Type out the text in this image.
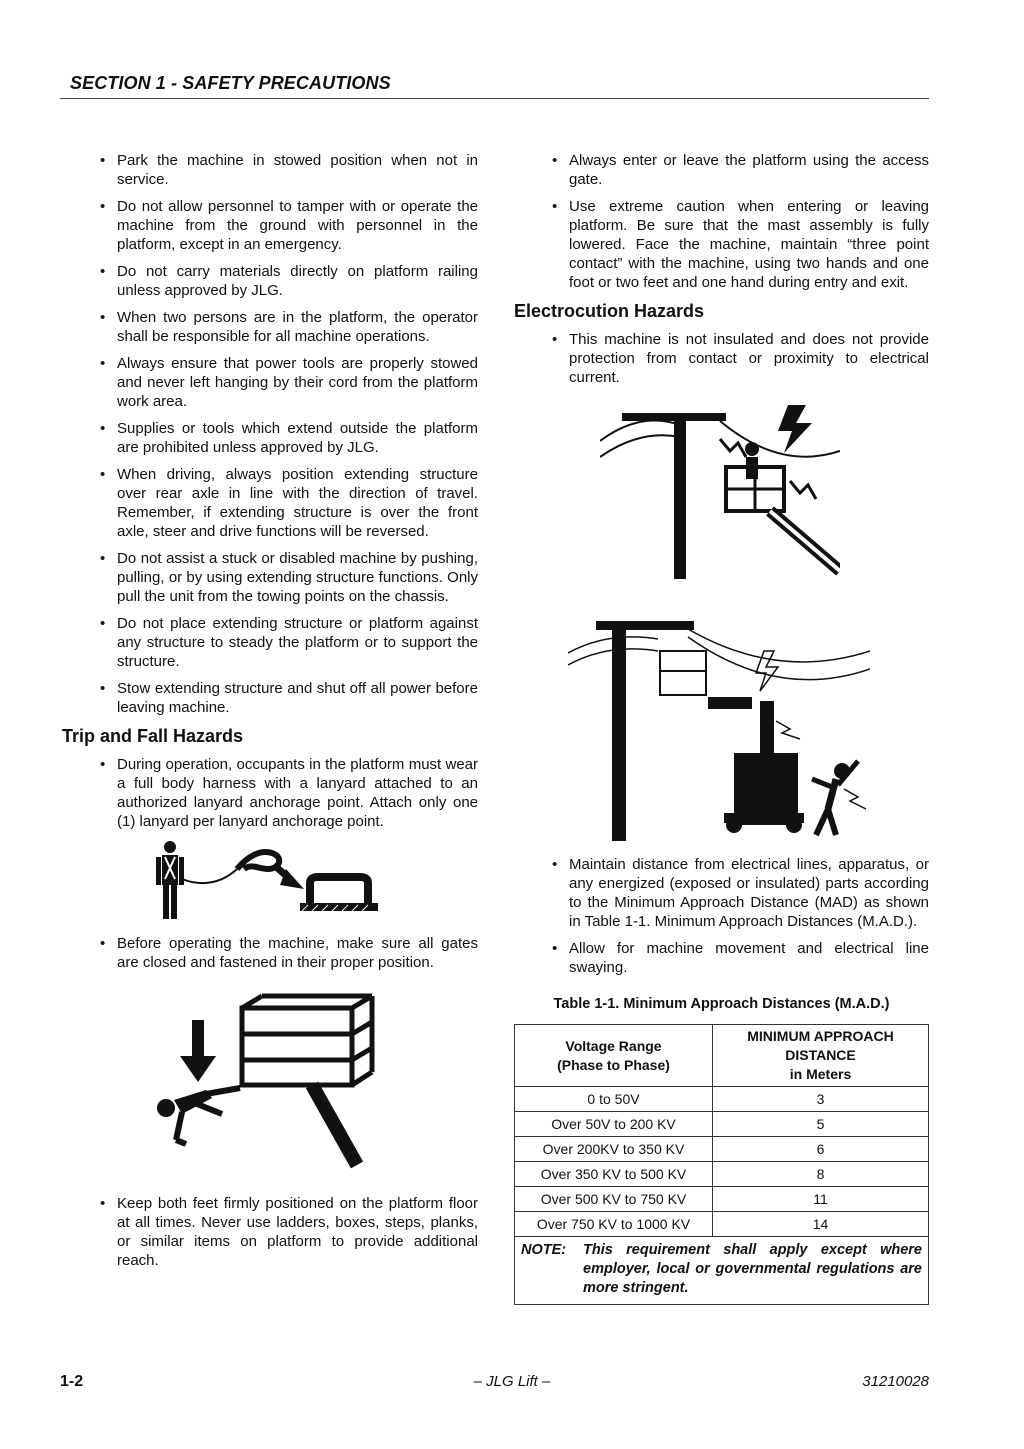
SECTION 1 - SAFETY PRECAUTIONS
• Park the machine in stowed position when not in service.
• Do not allow personnel to tamper with or operate the machine from the ground with personnel in the platform, except in an emergency.
• Do not carry materials directly on platform railing unless approved by JLG.
• When two persons are in the platform, the operator shall be responsible for all machine operations.
• Always ensure that power tools are properly stowed and never left hanging by their cord from the platform work area.
• Supplies or tools which extend outside the platform are prohibited unless approved by JLG.
• When driving, always position extending structure over rear axle in line with the direction of travel. Remember, if extending structure is over the front axle, steer and drive functions will be reversed.
• Do not assist a stuck or disabled machine by pushing, pulling, or by using extending structure functions. Only pull the unit from the towing points on the chassis.
• Do not place extending structure or platform against any structure to steady the platform or to support the structure.
• Stow extending structure and shut off all power before leaving machine.
Trip and Fall Hazards
• During operation, occupants in the platform must wear a full body harness with a lanyard attached to an authorized lanyard anchorage point. Attach only one (1) lanyard per lanyard anchorage point.
• Before operating the machine, make sure all gates are closed and fastened in their proper position.
• Keep both feet firmly positioned on the platform floor at all times. Never use ladders, boxes, steps, planks, or similar items on platform to provide additional reach.
• Always enter or leave the platform using the access gate.
• Use extreme caution when entering or leaving platform. Be sure that the mast assembly is fully lowered. Face the machine, maintain “three point contact” with the machine, using two hands and one foot or two feet and one hand during entry and exit.
Electrocution Hazards
• This machine is not insulated and does not provide protection from contact or proximity to electrical current.
• Maintain distance from electrical lines, apparatus, or any energized (exposed or insulated) parts according to the Minimum Approach Distance (MAD) as shown in Table 1-1. Minimum Approach Distances (M.A.D.).
• Allow for machine movement and electrical line swaying.
Table 1-1. Minimum Approach Distances (M.A.D.)
Voltage Range
(Phase to Phase)	MINIMUM APPROACH DISTANCE
in Meters
0 to 50V	3
Over 50V to 200 KV	5
Over 200KV to 350 KV	6
Over 350 KV to 500 KV	8
Over 500 KV to 750 KV	11
Over 750 KV to 1000 KV	14

NOTE: This requirement shall apply except where employer, local or governmental regulations are more stringent.	
1-2	– JLG Lift –	31210028
